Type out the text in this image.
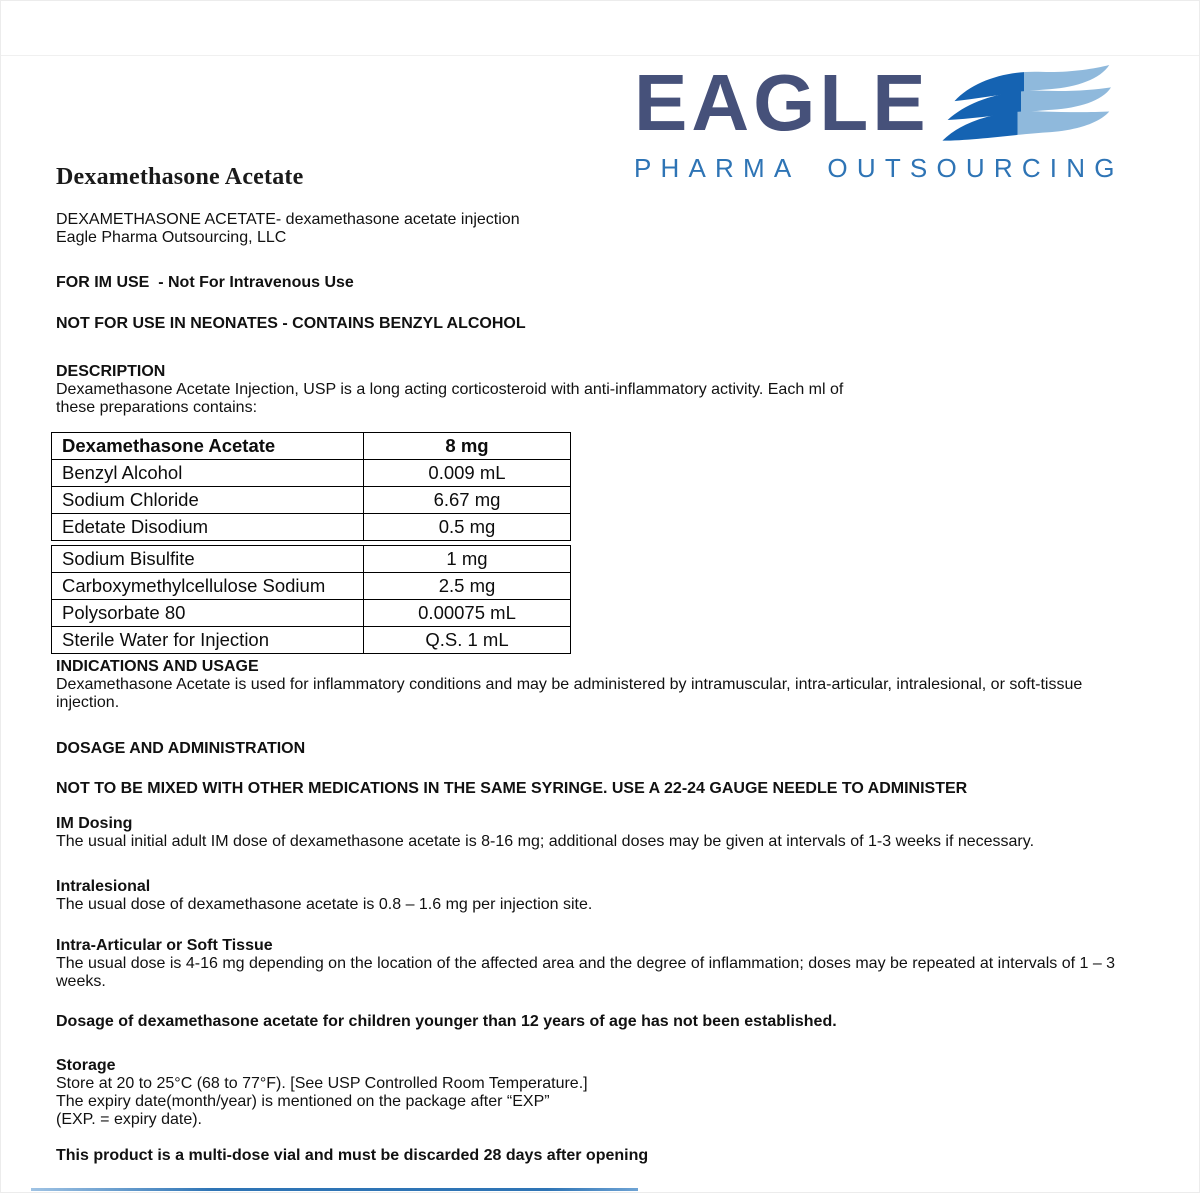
EAGLE
PHARMA OUTSOURCING
Dexamethasone Acetate
DEXAMETHASONE ACETATE- dexamethasone acetate injection
Eagle Pharma Outsourcing, LLC
FOR IM USE  - Not For Intravenous Use
NOT FOR USE IN NEONATES - CONTAINS BENZYL ALCOHOL
DESCRIPTION
Dexamethasone Acetate Injection, USP is a long acting corticosteroid with anti-inflammatory activity. Each ml of
these preparations contains:
Dexamethasone Acetate	8 mg
Benzyl Alcohol	0.009 mL
Sodium Chloride	6.67 mg
Edetate Disodium	0.5 mg
Sodium Bisulfite	1 mg
Carboxymethylcellulose Sodium	2.5 mg
Polysorbate 80	0.00075 mL
Sterile Water for Injection	Q.S. 1 mL
INDICATIONS AND USAGE
Dexamethasone Acetate is used for inflammatory conditions and may be administered by intramuscular, intra-articular, intralesional, or soft-tissue
injection.
DOSAGE AND ADMINISTRATION
NOT TO BE MIXED WITH OTHER MEDICATIONS IN THE SAME SYRINGE. USE A 22-24 GAUGE NEEDLE TO ADMINISTER
IM Dosing
The usual initial adult IM dose of dexamethasone acetate is 8-16 mg; additional doses may be given at intervals of 1-3 weeks if necessary.
Intralesional
The usual dose of dexamethasone acetate is 0.8 – 1.6 mg per injection site.
Intra-Articular or Soft Tissue
The usual dose is 4-16 mg depending on the location of the affected area and the degree of inflammation; doses may be repeated at intervals of 1 – 3
weeks.
Dosage of dexamethasone acetate for children younger than 12 years of age has not been established.
Storage
Store at 20 to 25°C (68 to 77°F). [See USP Controlled Room Temperature.]
The expiry date(month/year) is mentioned on the package after “EXP”
(EXP. = expiry date).
This product is a multi-dose vial and must be discarded 28 days after opening
